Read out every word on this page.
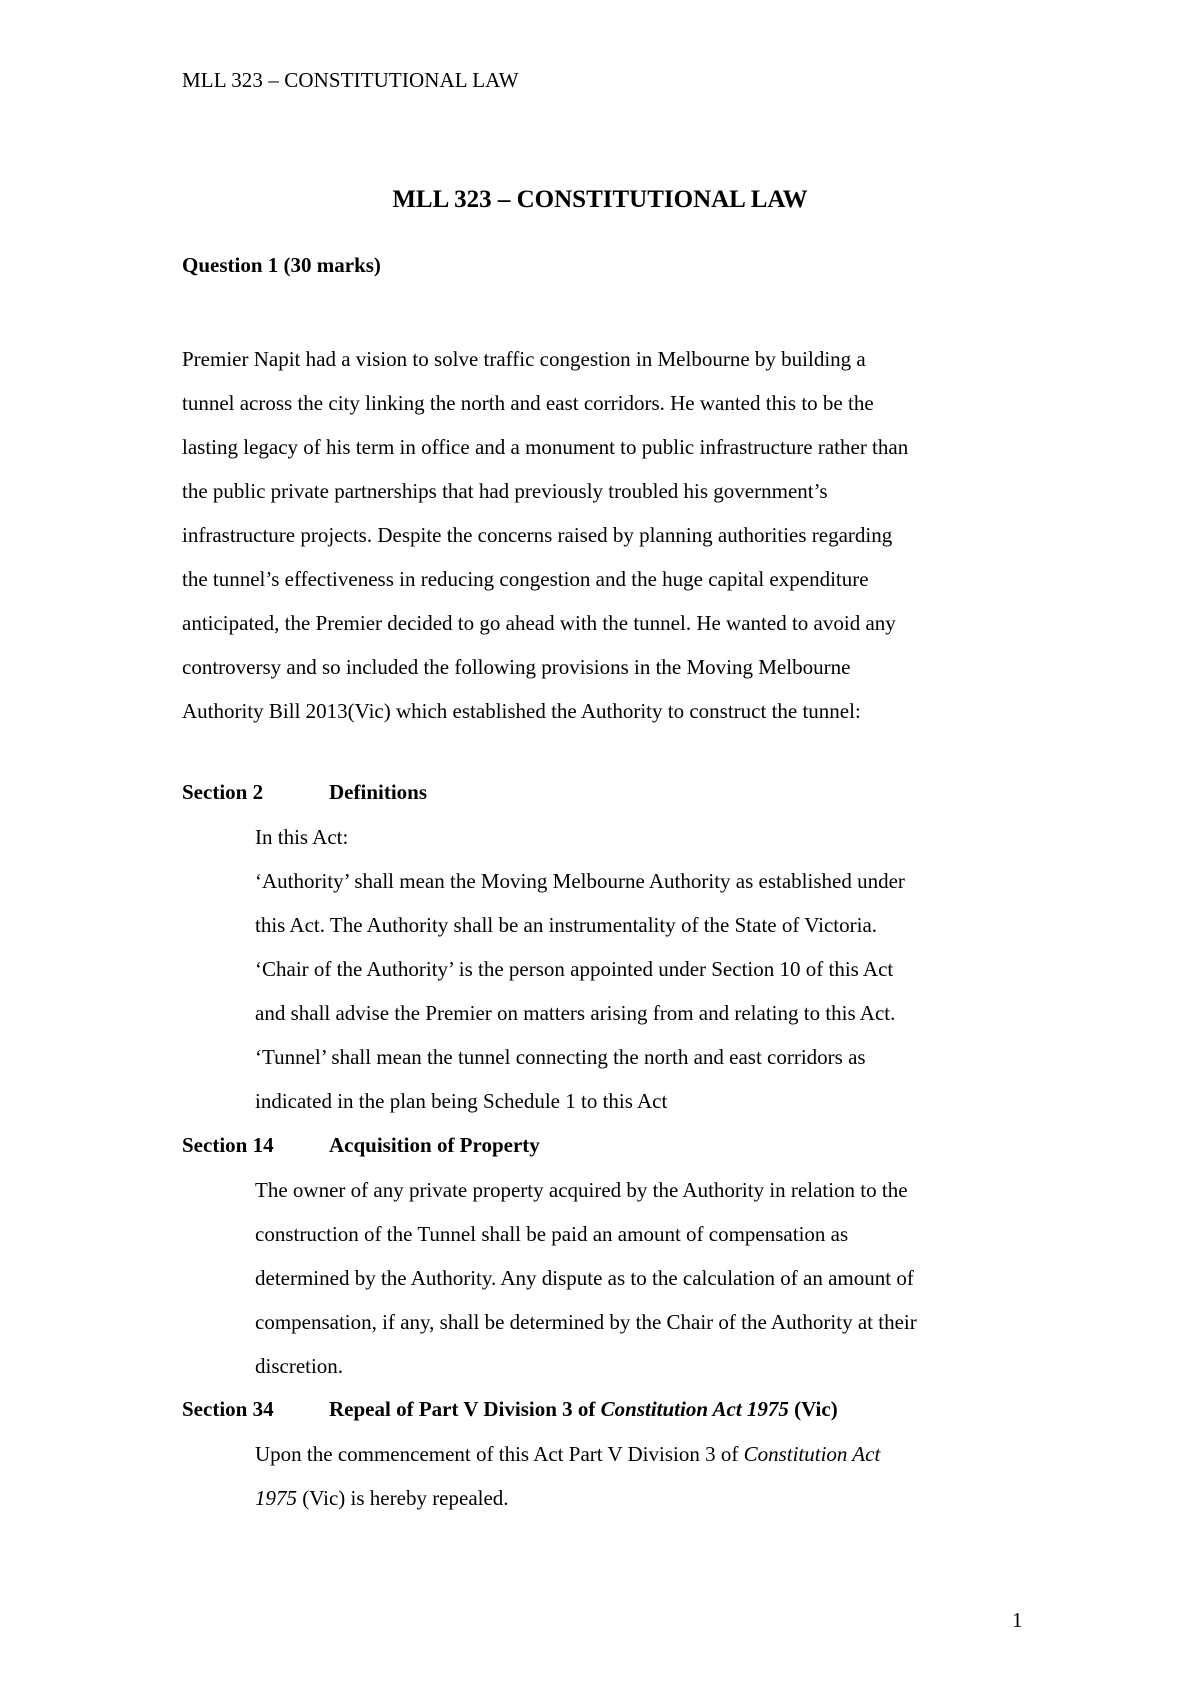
MLL 323 – CONSTITUTIONAL LAW
MLL 323 – CONSTITUTIONAL LAW
Question 1 (30 marks)
Premier Napit had a vision to solve traffic congestion in Melbourne by building a
tunnel across the city linking the north and east corridors. He wanted this to be the
lasting legacy of his term in office and a monument to public infrastructure rather than
the public private partnerships that had previously troubled his government’s
infrastructure projects. Despite the concerns raised by planning authorities regarding
the tunnel’s effectiveness in reducing congestion and the huge capital expenditure
anticipated, the Premier decided to go ahead with the tunnel. He wanted to avoid any
controversy and so included the following provisions in the Moving Melbourne
Authority Bill 2013(Vic) which established the Authority to construct the tunnel:
Section 2	Definitions
In this Act:
‘Authority’ shall mean the Moving Melbourne Authority as established under
this Act. The Authority shall be an instrumentality of the State of Victoria.
‘Chair of the Authority’ is the person appointed under Section 10 of this Act
and shall advise the Premier on matters arising from and relating to this Act.
‘Tunnel’ shall mean the tunnel connecting the north and east corridors as
indicated in the plan being Schedule 1 to this Act
Section 14	Acquisition of Property
The owner of any private property acquired by the Authority in relation to the
construction of the Tunnel shall be paid an amount of compensation as
determined by the Authority. Any dispute as to the calculation of an amount of
compensation, if any, shall be determined by the Chair of the Authority at their
discretion.
Section 34	Repeal of Part V Division 3 of Constitution Act 1975 (Vic)
Upon the commencement of this Act Part V Division 3 of Constitution Act
1975 (Vic) is hereby repealed.
1
